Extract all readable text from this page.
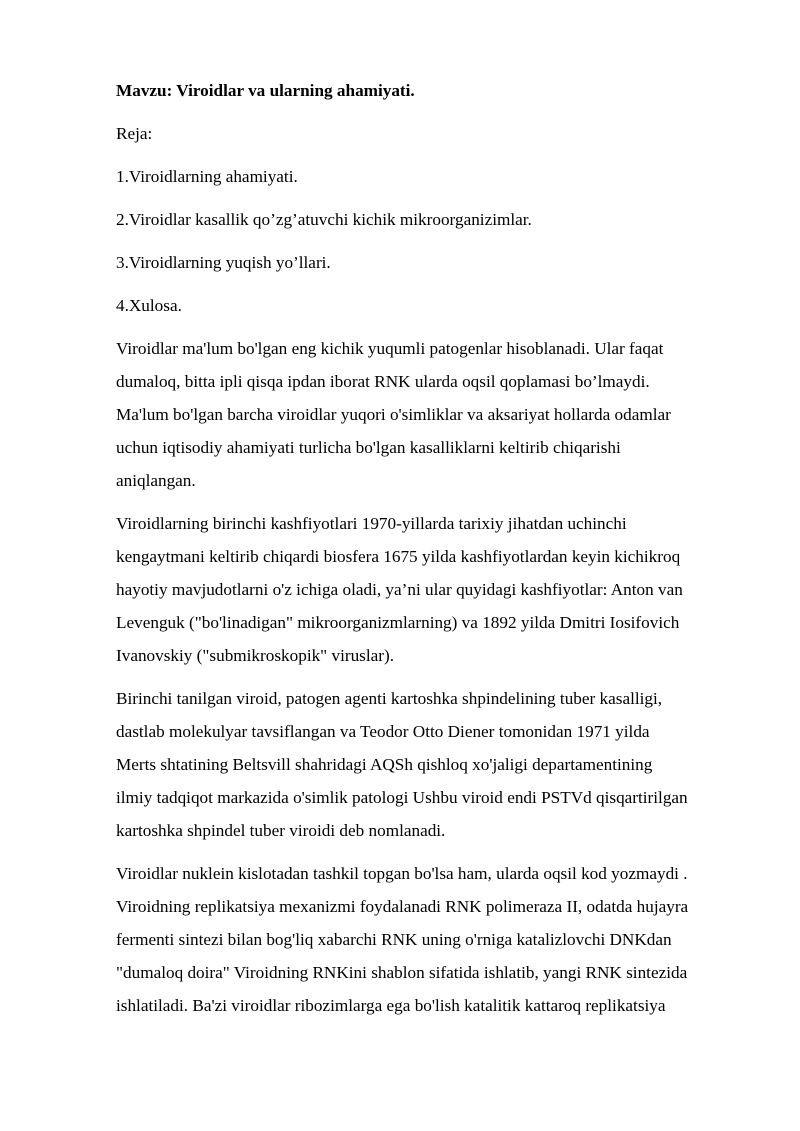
Mavzu: Viroidlar va ularning ahamiyati.
Reja:
1.Viroidlarning ahamiyati.
2.Viroidlar kasallik qo’zg’atuvchi kichik mikroorganizimlar.
3.Viroidlarning yuqish yo’llari.
4.Xulosa.
Viroidlar ma'lum bo'lgan eng kichik yuqumli patogenlar hisoblanadi. Ular faqat
dumaloq, bitta ipli qisqa ipdan iborat RNK ularda oqsil qoplamasi bo’lmaydi.
Ma'lum bo'lgan barcha viroidlar yuqori o'simliklar va aksariyat hollarda odamlar
uchun iqtisodiy ahamiyati turlicha bo'lgan kasalliklarni keltirib chiqarishi
aniqlangan.
Viroidlarning birinchi kashfiyotlari 1970-yillarda tarixiy jihatdan uchinchi
kengaytmani keltirib chiqardi biosfera 1675 yilda kashfiyotlardan keyin kichikroq
hayotiy mavjudotlarni o'z ichiga oladi, ya’ni ular quyidagi kashfiyotlar: Anton van
Levenguk ("bo'linadigan" mikroorganizmlarning) va 1892 yilda Dmitri Iosifovich
Ivanovskiy ("submikroskopik" viruslar).
Birinchi tanilgan viroid, patogen agenti kartoshka shpindelining tuber kasalligi,
dastlab molekulyar tavsiflangan va Teodor Otto Diener tomonidan 1971 yilda
Merts shtatining Beltsvill shahridagi AQSh qishloq xo'jaligi departamentining
ilmiy tadqiqot markazida o'simlik patologi Ushbu viroid endi PSTVd qisqartirilgan
kartoshka shpindel tuber viroidi deb nomlanadi.
Viroidlar nuklein kislotadan tashkil topgan bo'lsa ham, ularda oqsil kod yozmaydi .
Viroidning replikatsiya mexanizmi foydalanadi RNK polimeraza II, odatda hujayra
fermenti sintezi bilan bog'liq xabarchi RNK uning o'rniga katalizlovchi DNKdan
"dumaloq doira" Viroidning RNKini shablon sifatida ishlatib, yangi RNK sintezida
ishlatiladi. Ba'zi viroidlar ribozimlarga ega bo'lish katalitik kattaroq replikatsiya
